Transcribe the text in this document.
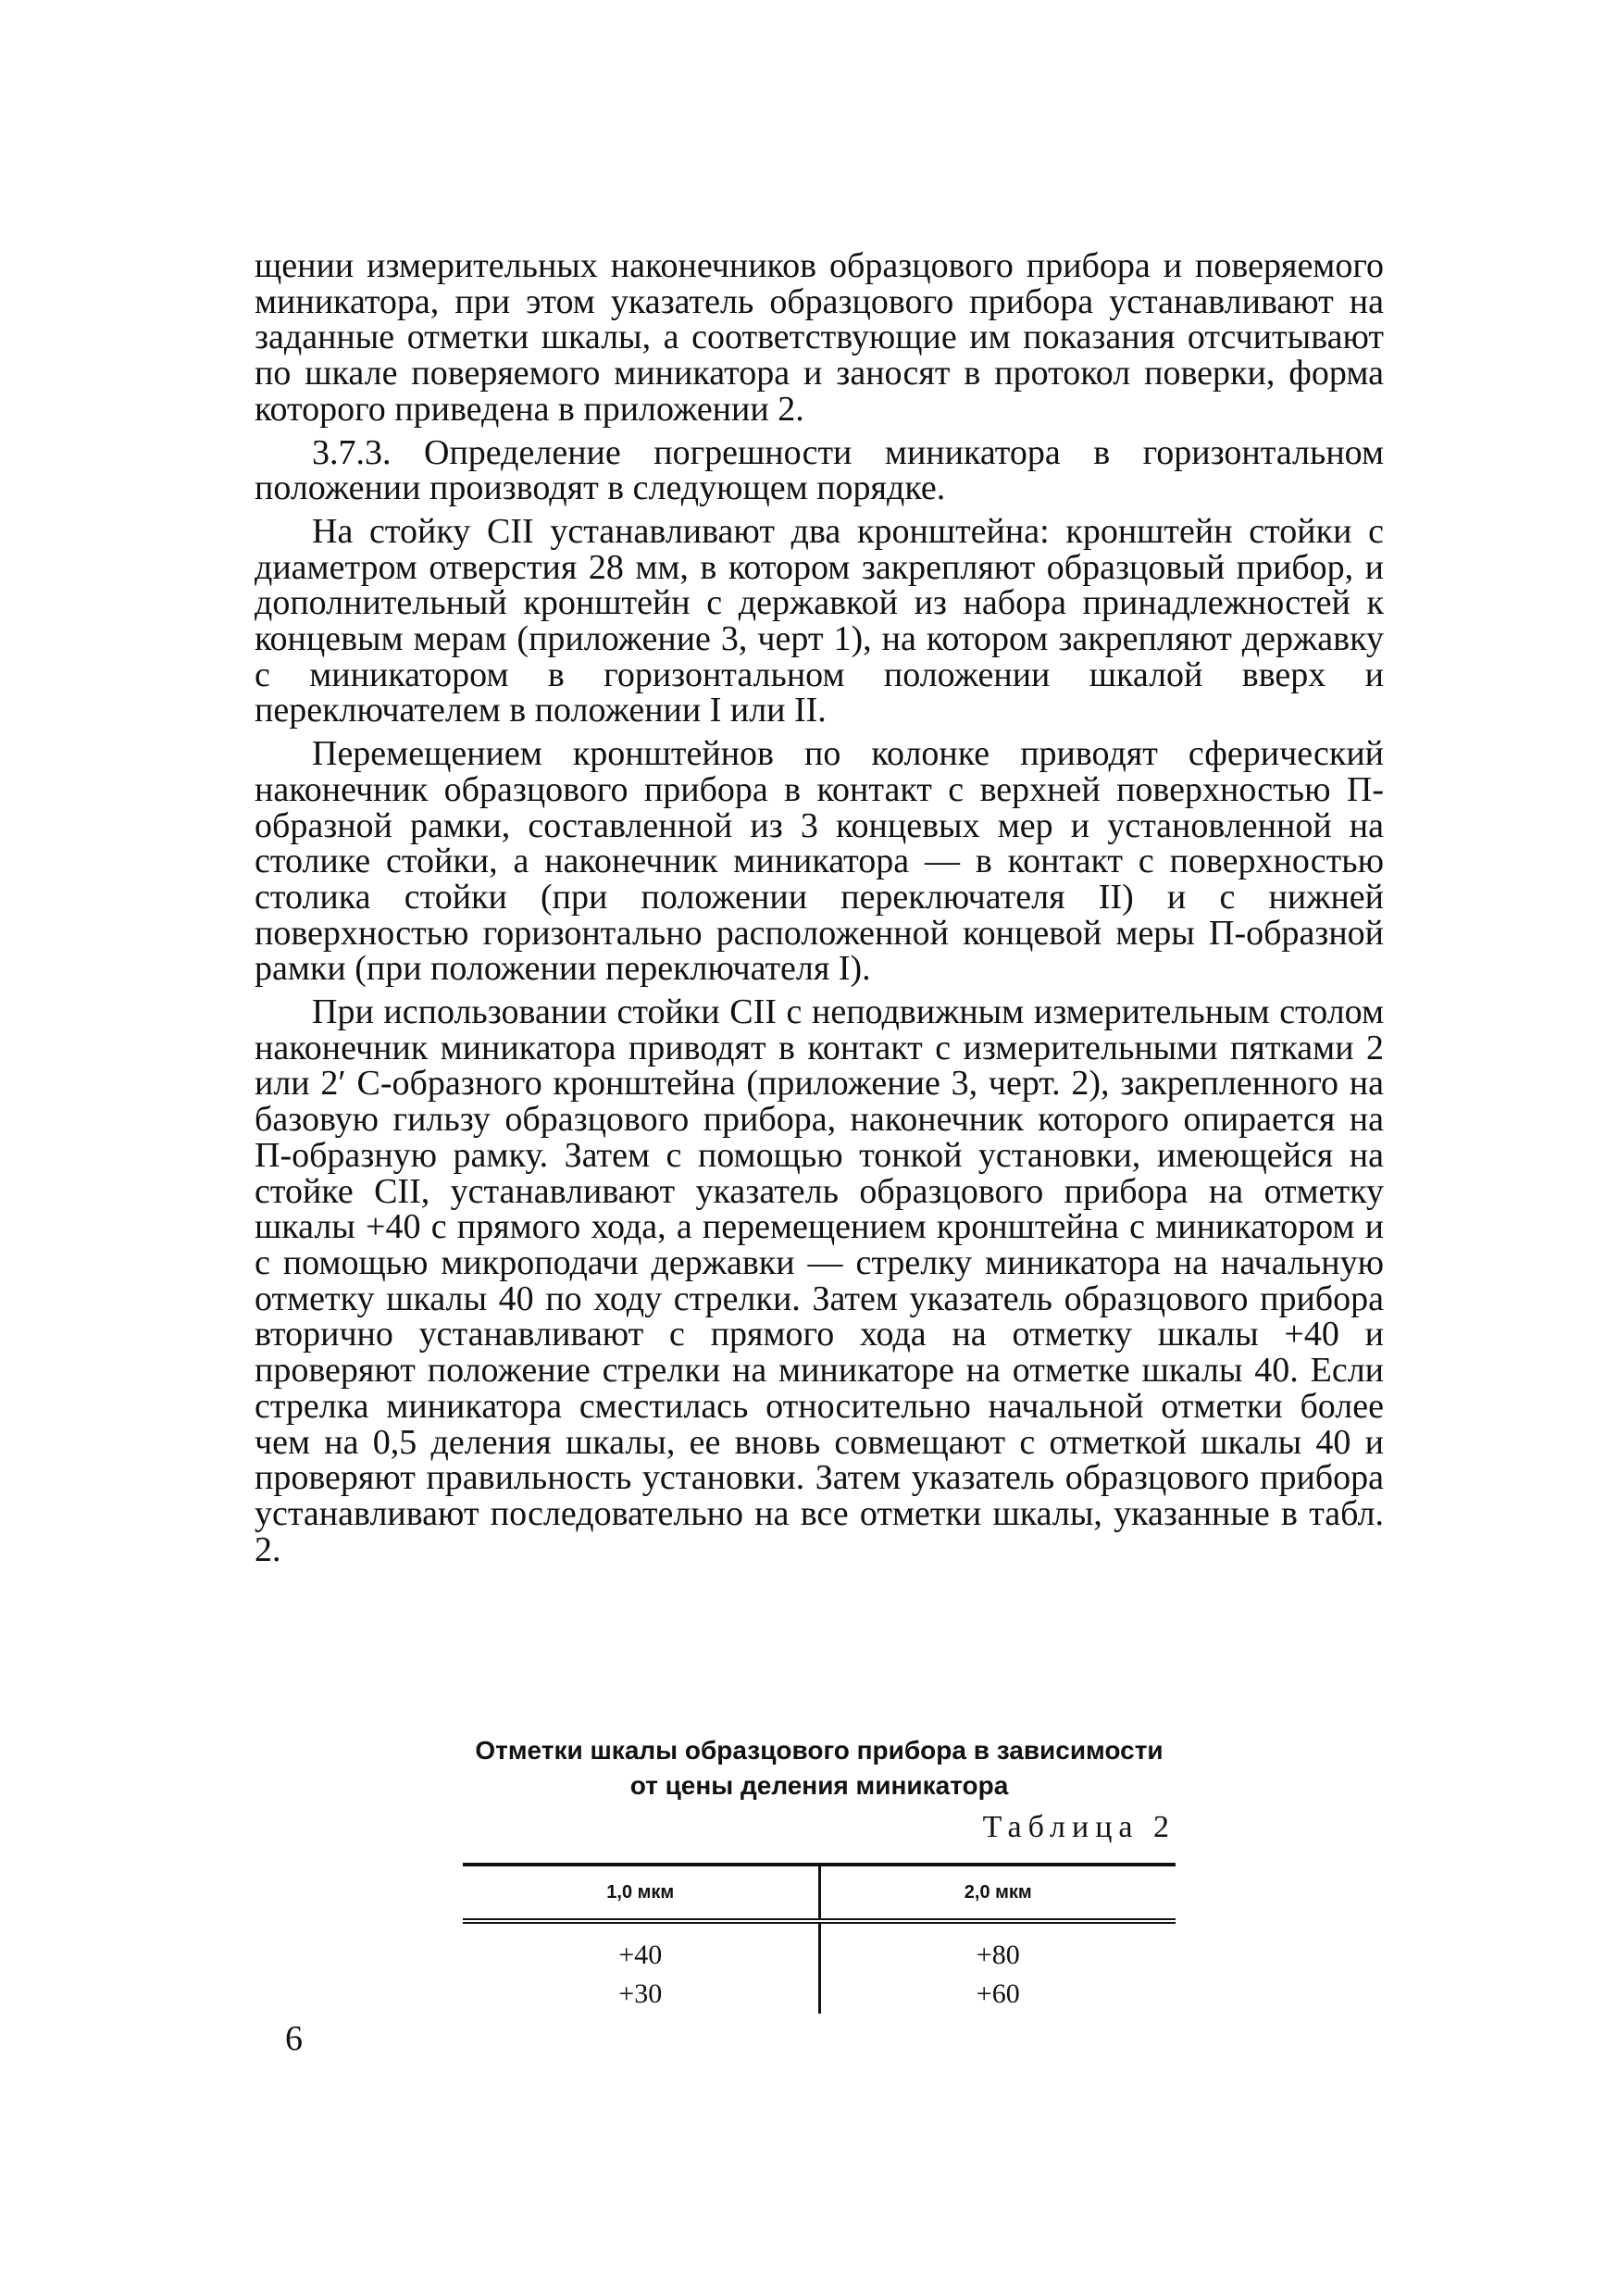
щении измерительных наконечников образцового прибора и поверяемого миникатора, при этом указатель образцового прибора устанавливают на заданные отметки шкалы, а соответствующие им показания отсчитывают по шкале поверяемого миникатора и заносят в протокол поверки, форма которого приведена в приложении 2.

3.7.3. Определение погрешности миникатора в горизонтальном положении производят в следующем порядке.

На стойку СII устанавливают два кронштейна: кронштейн стойки с диаметром отверстия 28 мм, в котором закрепляют образцовый прибор, и дополнительный кронштейн с державкой из набора принадлежностей к концевым мерам (приложение 3, черт 1), на котором закрепляют державку с миникатором в горизонтальном положении шкалой вверх и переключателем в положении I или II.

Перемещением кронштейнов по колонке приводят сферический наконечник образцового прибора в контакт с верхней поверхностью П-образной рамки, составленной из 3 концевых мер и установленной на столике стойки, а наконечник миникатора — в контакт с поверхностью столика стойки (при положении переключателя II) и с нижней поверхностью горизонтально расположенной концевой меры П-образной рамки (при положении переключателя I).

При использовании стойки СII с неподвижным измерительным столом наконечник миникатора приводят в контакт с измерительными пятками 2 или 2′ С-образного кронштейна (приложение 3, черт. 2), закрепленного на базовую гильзу образцового прибора, наконечник которого опирается на П-образную рамку. Затем с помощью тонкой установки, имеющейся на стойке СII, устанавливают указатель образцового прибора на отметку шкалы +40 с прямого хода, а перемещением кронштейна с миникатором и с помощью микроподачи державки — стрелку миникатора на начальную отметку шкалы 40 по ходу стрелки. Затем указатель образцового прибора вторично устанавливают с прямого хода на отметку шкалы +40 и проверяют положение стрелки на миникаторе на отметке шкалы 40. Если стрелка миникатора сместилась относительно начальной отметки более чем на 0,5 деления шкалы, ее вновь совмещают с отметкой шкалы 40 и проверяют правильность установки. Затем указатель образцового прибора устанавливают последовательно на все отметки шкалы, указанные в табл. 2.

Отметки шкалы образцового прибора в зависимости
от цены деления миникатора
Таблица 2
1,0 мкм	2,0 мкм
+40	+80
+30	+60
6
